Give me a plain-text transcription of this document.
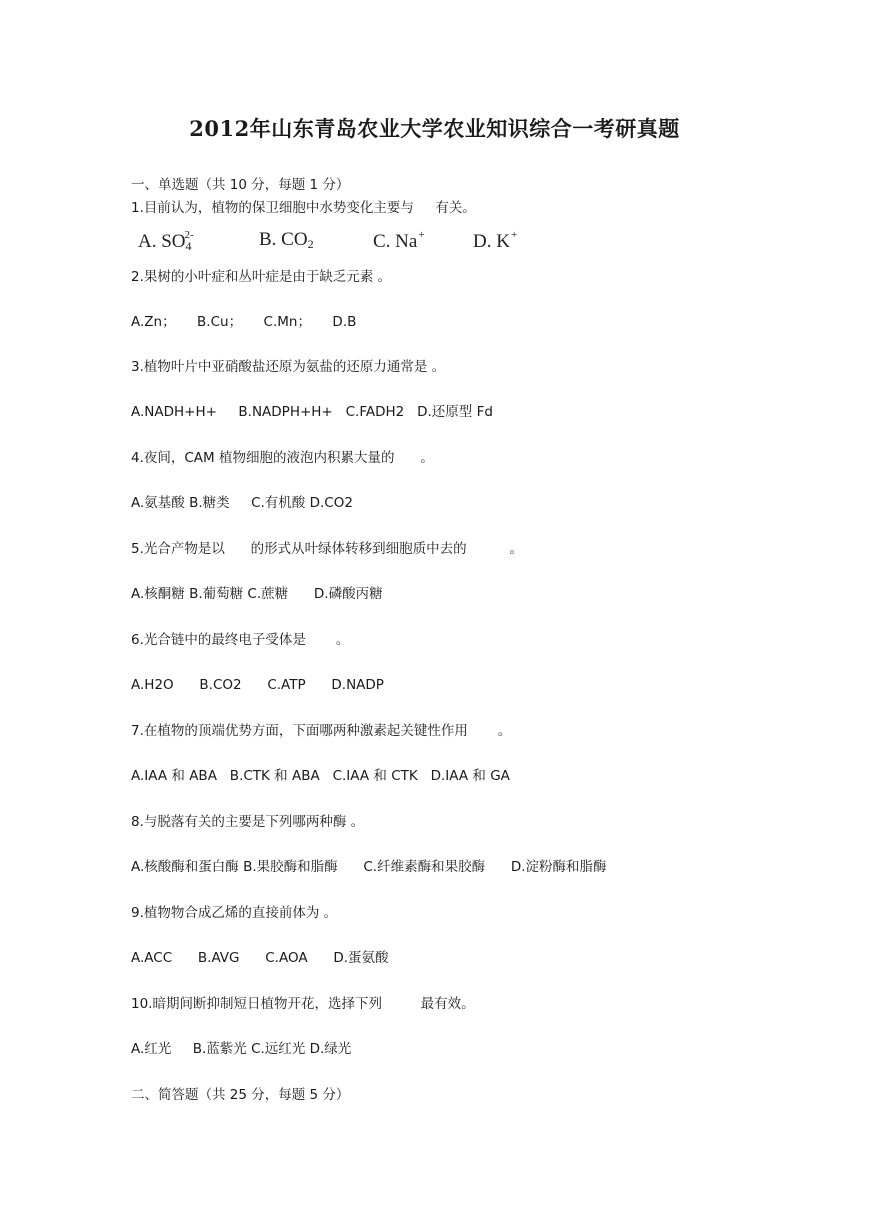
2012年山东青岛农业大学农业知识综合一考研真题
一、单选题（共 10 分，每题 1 分）
1.目前认为，植物的保卫细胞中水势变化主要与     有关。
A. $SO_4^{2-}$	B. $CO_2$	C. Na+	D. K+
2.果树的小叶症和丛叶症是由于缺乏元素 。
A.Zn；     B.Cu；     C.Mn；     D.B
3.植物叶片中亚硝酸盐还原为氨盐的还原力通常是 。
A.NADH+H+     B.NADPH+H+   C.FADH2   D.还原型 Fd
4.夜间，CAM 植物细胞的液泡内积累大量的      。
A.氨基酸 B.糖类     C.有机酸 D.CO2
5.光合产物是以      的形式从叶绿体转移到细胞质中去的          。
A.核酮糖 B.葡萄糖 C.蔗糖      D.磷酸丙糖
6.光合链中的最终电子受体是       。
A.H2O      B.CO2      C.ATP      D.NADP
7.在植物的顶端优势方面，下面哪两种激素起关键性作用       。
A.IAA 和 ABA   B.CTK 和 ABA   C.IAA 和 CTK   D.IAA 和 GA
8.与脱落有关的主要是下列哪两种酶 。
A.核酸酶和蛋白酶 B.果胶酶和脂酶      C.纤维素酶和果胶酶      D.淀粉酶和脂酶
9.植物物合成乙烯的直接前体为 。
A.ACC      B.AVG      C.AOA      D.蛋氨酸
10.暗期间断抑制短日植物开花，选择下列         最有效。
A.红光     B.蓝紫光 C.远红光 D.绿光
二、简答题（共 25 分，每题 5 分）
